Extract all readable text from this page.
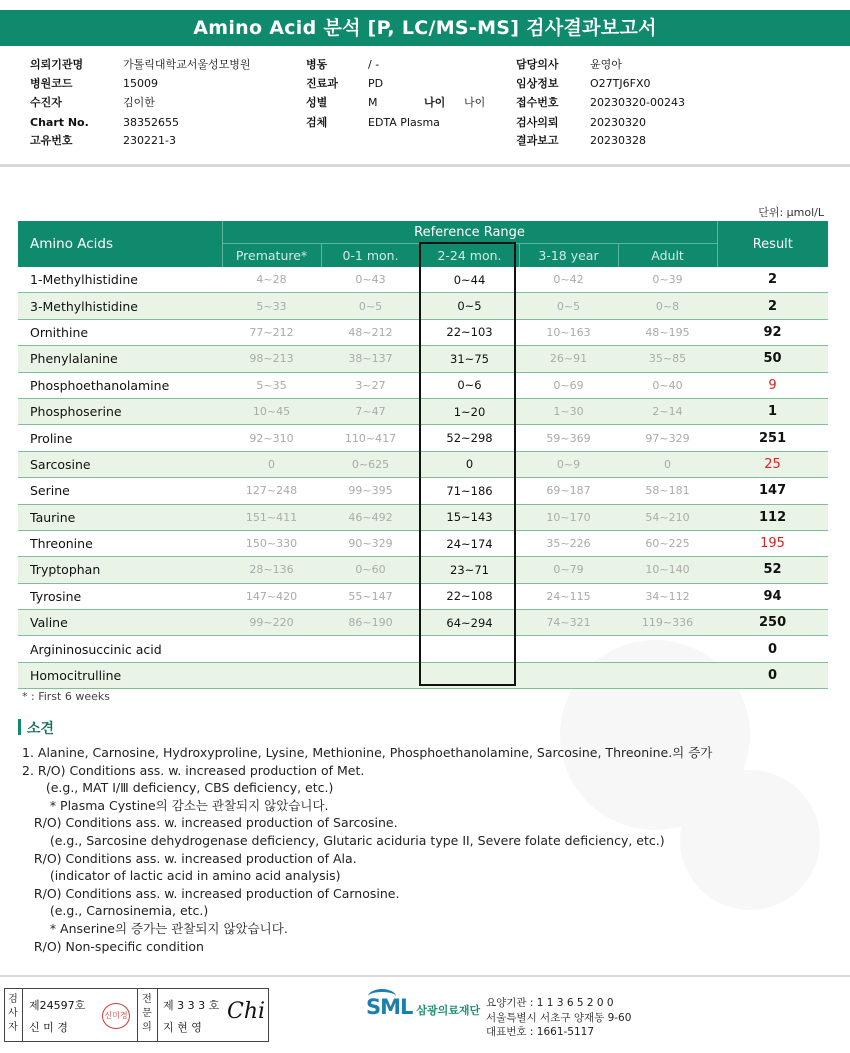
Amino Acid 분석 [P, LC/MS-MS] 검사결과보고서
의뢰기관명	가톨릭대학교서울성모병원
병원코드	15009
수진자	김이한
Chart No.	38352655
고유번호	230221-3
병동	/ -
진료과	PD
성별	M	나이 나이
검체	EDTA Plasma
담당의사	윤영아
임상정보	O27TJ6FX0
접수번호	20230320-00243
검사의뢰	20230320
결과보고	20230328
단위: μmol/L
Amino Acids	Reference Range					Result
	Premature*	0-1 mon.	2-24 mon.	3-18 year	Adult	
1-Methylhistidine	4~28	0~43	0~44	0~42	0~39	2
3-Methylhistidine	5~33	0~5	0~5	0~5	0~8	2
Ornithine	77~212	48~212	22~103	10~163	48~195	92
Phenylalanine	98~213	38~137	31~75	26~91	35~85	50
Phosphoethanolamine	5~35	3~27	0~6	0~69	0~40	9
Phosphoserine	10~45	7~47	1~20	1~30	2~14	1
Proline	92~310	110~417	52~298	59~369	97~329	251
Sarcosine	0	0~625	0	0~9	0	25
Serine	127~248	99~395	71~186	69~187	58~181	147
Taurine	151~411	46~492	15~143	10~170	54~210	112
Threonine	150~330	90~329	24~174	35~226	60~225	195
Tryptophan	28~136	0~60	23~71	0~79	10~140	52
Tyrosine	147~420	55~147	22~108	24~115	34~112	94
Valine	99~220	86~190	64~294	74~321	119~336	250
Argininosuccinic acid						0
Homocitrulline						0
* : First 6 weeks
소견
1. Alanine, Carnosine, Hydroxyproline, Lysine, Methionine, Phosphoethanolamine, Sarcosine, Threonine.의 증가
2. R/O) Conditions ass. w. increased production of Met.
(e.g., MAT Ⅰ/Ⅲ deficiency, CBS deficiency, etc.)
* Plasma Cystine의 감소는 관찰되지 않았습니다.
R/O) Conditions ass. w. increased production of Sarcosine.
(e.g., Sarcosine dehydrogenase deficiency, Glutaric aciduria type II, Severe folate deficiency, etc.)
R/O) Conditions ass. w. increased production of Ala.
(indicator of lactic acid in amino acid analysis)
R/O) Conditions ass. w. increased production of Carnosine.
(e.g., Carnosinemia, etc.)
* Anserine의 증가는 관찰되지 않았습니다.
R/O) Non-specific condition
검사자
제24597호
신 미 경
신미경
전문의
제 3 3 3 호
지 현 영
Chi	SML 삼광의료재단
요양기관 : 1 1 3 6 5 2 0 0
서울특별시 서초구 양재동 9-60
대표번호 : 1661-5117
